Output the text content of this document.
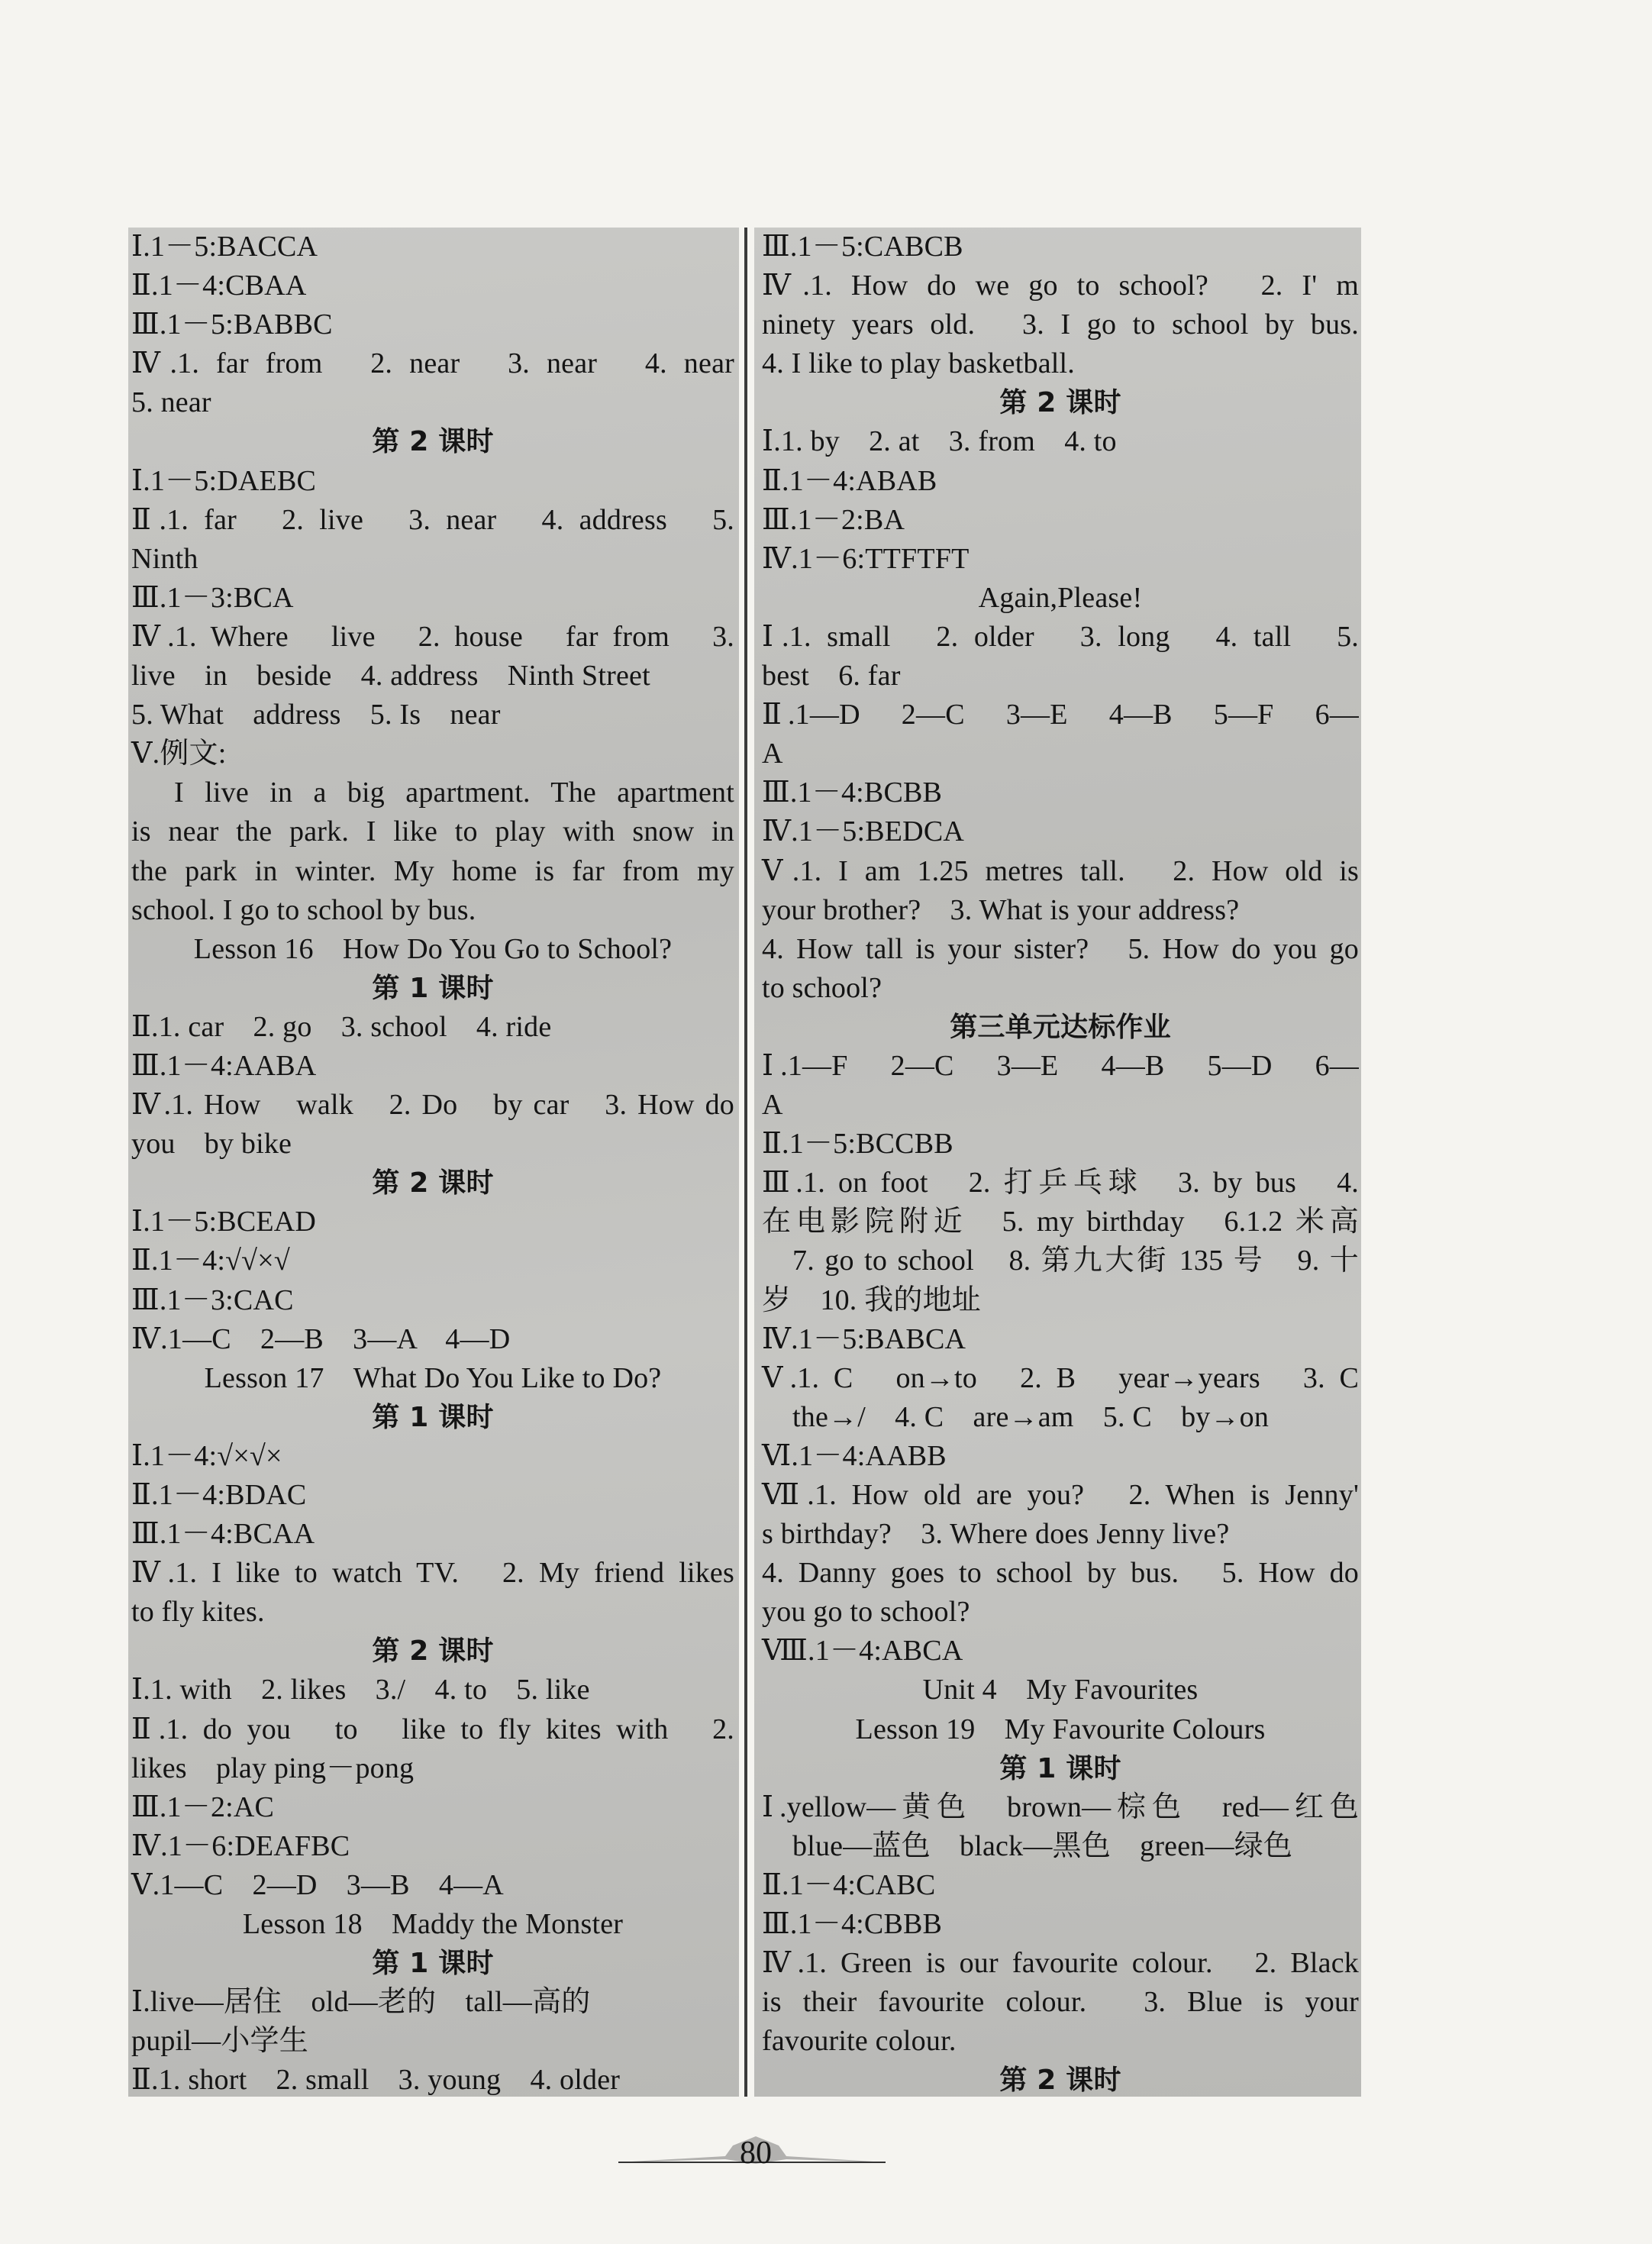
Ⅰ.1－5:BACCA
Ⅱ.1－4:CBAA
Ⅲ.1－5:BABBC
Ⅳ.1. far from　2. near　3. near　4. near
5. near
第 2 课时
Ⅰ.1－5:DAEBC
Ⅱ.1. far　2. live　3. near　4. address　5.
Ninth
Ⅲ.1－3:BCA
Ⅳ.1. Where　live　2. house　far from　3.
live　in　beside　4. address　Ninth Street
5. What　address　5. Is　near
Ⅴ.例文:
I live in a big apartment. The apartment
is near the park. I like to play with snow in
the park in winter. My home is far from my
school. I go to school by bus.
Lesson 16　How Do You Go to School?
第 1 课时
Ⅱ.1. car　2. go　3. school　4. ride
Ⅲ.1－4:AABA
Ⅳ.1. How　walk　2. Do　by car　3. How do
you　by bike
第 2 课时
Ⅰ.1－5:BCEAD
Ⅱ.1－4:√√×√
Ⅲ.1－3:CAC
Ⅳ.1—C　2—B　3—A　4—D
Lesson 17　What Do You Like to Do?
第 1 课时
Ⅰ.1－4:√×√×
Ⅱ.1－4:BDAC
Ⅲ.1－4:BCAA
Ⅳ.1. I like to watch TV.　2. My friend likes
to fly kites.
第 2 课时
Ⅰ.1. with　2. likes　3./　4. to　5. like
Ⅱ.1. do you　to　like to fly kites with　2.
likes　play ping－pong
Ⅲ.1－2:AC
Ⅳ.1－6:DEAFBC
Ⅴ.1—C　2—D　3—B　4—A
Lesson 18　Maddy the Monster
第 1 课时
Ⅰ.live—居住　old—老的　tall—高的
pupil—小学生
Ⅱ.1. short　2. small　3. young　4. older
Ⅲ.1－5:CABCB
Ⅳ.1. How do we go to school?　2. I' m
ninety years old.　3. I go to school by bus.
4. I like to play basketball.
第 2 课时
Ⅰ.1. by　2. at　3. from　4. to
Ⅱ.1－4:ABAB
Ⅲ.1－2:BA
Ⅳ.1－6:TTFTFT
Again,Please!
Ⅰ.1. small　2. older　3. long　4. tall　5.
best　6. far
Ⅱ.1—D　2—C　3—E　4—B　5—F　6—
A
Ⅲ.1－4:BCBB
Ⅳ.1－5:BEDCA
Ⅴ.1. I am 1.25 metres tall.　2. How old is
your brother?　3. What is your address?
4. How tall is your sister?　5. How do you go
to school?
第三单元达标作业
Ⅰ.1—F　2—C　3—E　4—B　5—D　6—
A
Ⅱ.1－5:BCCBB
Ⅲ.1. on foot　2. 打乒乓球　3. by bus　4.
在电影院附近　5. my birthday　6.1.2 米高
7. go to school　8. 第九大街 135 号　9. 十
岁　10. 我的地址
Ⅳ.1－5:BABCA
Ⅴ.1. C　on→to　2. B　year→years　3. C
the→/　4. C　are→am　5. C　by→on
Ⅵ.1－4:AABB
Ⅶ.1. How old are you?　2. When is Jenny'
s birthday?　3. Where does Jenny live?
4. Danny goes to school by bus.　5. How do
you go to school?
Ⅷ.1－4:ABCA
Unit 4　My Favourites
Lesson 19　My Favourite Colours
第 1 课时
Ⅰ.yellow—黄色　brown—棕色　red—红色
blue—蓝色　black—黑色　green—绿色
Ⅱ.1－4:CABC
Ⅲ.1－4:CBBB
Ⅳ.1. Green is our favourite colour.　2. Black
is their favourite colour.　3. Blue is your
favourite colour.
第 2 课时
80
